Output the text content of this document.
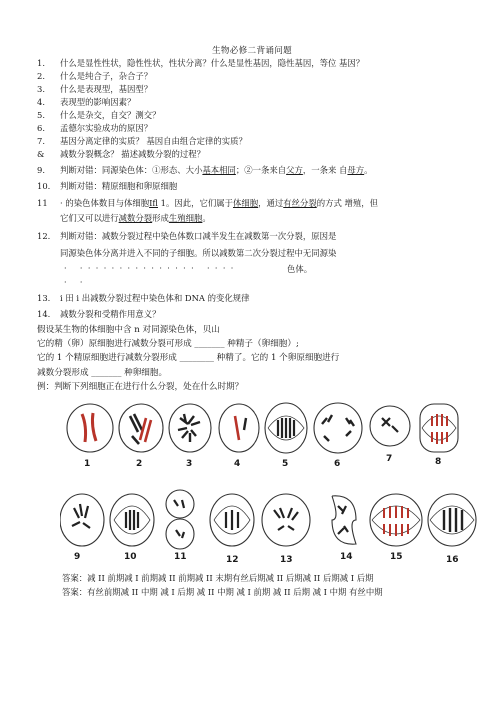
生物必修二背诵问题
1. 什么是显性性状，隐性性状，性状分离？什么是显性基因，隐性基因，等位 基因？
2. 什么是纯合子，杂合子？
3. 什么是表现型，基因型？
4. 表现型的影响因素？
5. 什么是杂交，自交？测交？
6. 孟德尔实验成功的原因？
7. 基因分离定律的实质？ 基因自由组合定律的实质？
& 减数分裂概念？ 描述减数分裂的过程？
9. 判断对错：同源染色体：①形态、大小基本相同；②一条来自父方，一条来 自母方。
10. 判断对错：精原细胞和卵原细胞
11 · 的染色体数目与体细胞Ifl 1。因此，它们属于体细胞，通过有丝分裂的方式 增殖，但
它们又可以进行减数分裂形成生殖细胞。
12. 判断对错：减数分裂过程中染色体数口减半发生在减数第一次分裂，原因是
同源染色体分离并进入不同的子细胞。所以减数第二次分裂过程中无同源染
· ··············· ····	色体。
· ·
13. i 田 i 出减数分裂过程中染色体和 DNA 的变化规律
14. 减数分裂和受精作用意义？
假设某生物的体细胞中含 n 对同源染色体，贝山
它的精（卵）原细胞进行减数分裂可形成 _______ 种精子（卵细胞）;
它的 1 个精原细胞进行减数分裂形成 ________ 种精了。它的 1 个卵原细胞进行
减数分裂形成 _______ 种卵细胞。
例：判断下列细胞正在进行什么分裂，处在什么时期？
1	2	3	4	5	6	7	8
9	10	11	12	13	14	15	16
答案：减 II 前期减 I 前期减 II 前期减 II 末期有丝后期减 II 后期减 II 后期减 I 后期
答案：有丝前期减 II 中期 减 I 后期 减 II 中期 减 I 前期 减 II 后期 减 I 中期 有丝中期
